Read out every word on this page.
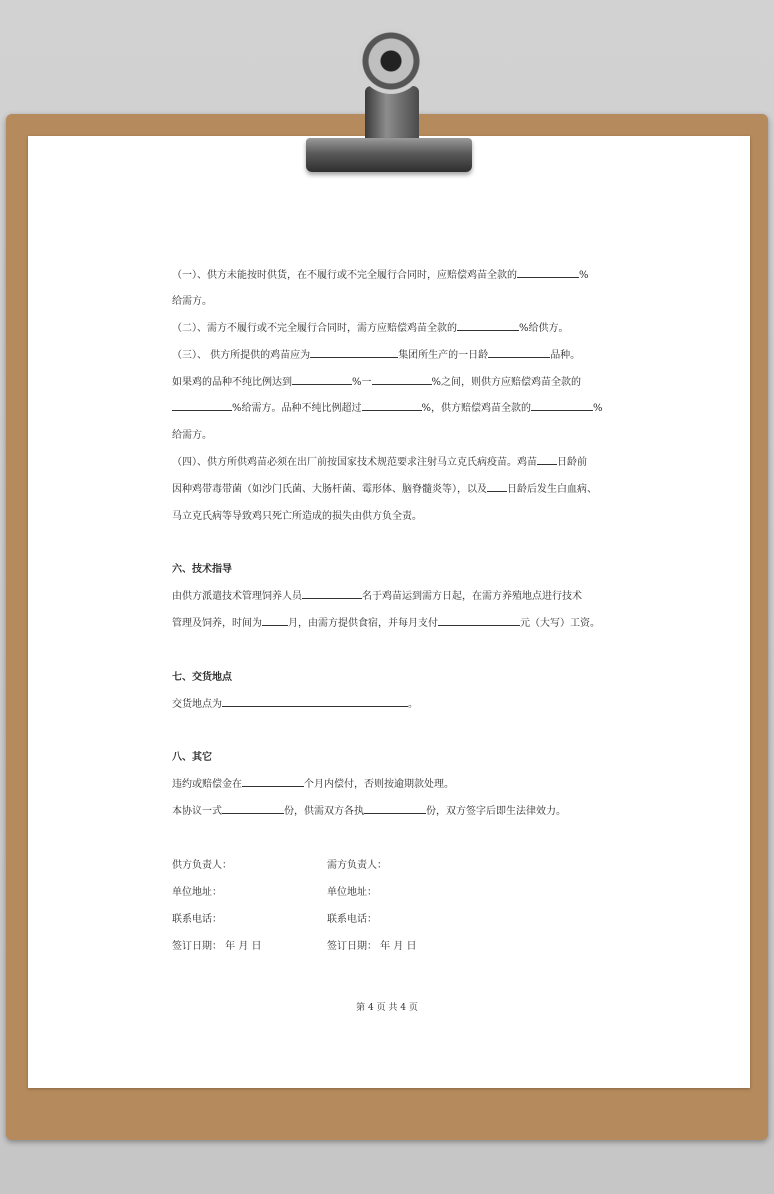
（一）、供方未能按时供货，在不履行或不完全履行合同时，应赔偿鸡苗全款的	%
给需方。
（二）、需方不履行或不完全履行合同时，需方应赔偿鸡苗全款的	%给供方。
（三）、 供方所提供的鸡苗应为	集团所生产的一日龄	品种。
如果鸡的品种不纯比例达到	%一	%之间，则供方应赔偿鸡苗全款的
%给需方。品种不纯比例超过	%，供方赔偿鸡苗全款的	%
给需方。
（四）、供方所供鸡苗必须在出厂前按国家技术规范要求注射马立克氏病疫苗。鸡苗 日龄前
因种鸡带毒带菌（如沙门氏菌、大肠杆菌、霉形体、脑脊髓炎等），以及 日龄后发生白血病、
马立克氏病等导致鸡只死亡所造成的损失由供方负全责。
六、技术指导
由供方派遣技术管理饲养人员	名于鸡苗运到需方日起，在需方养殖地点进行技术
管理及饲养，时间为	月，由需方提供食宿，并每月支付	元（大写）工资。
七、交货地点
交货地点为	。
八、其它
违约或赔偿金在	个月内偿付，否则按逾期款处理。
本协议一式	份，供需双方各执	份，双方签字后即生法律效力。
供方负责人：	需方负责人：
单位地址：	单位地址：
联系电话：	联系电话：
签订日期： 年 月 日	签订日期： 年 月 日
第 4 页 共 4 页
